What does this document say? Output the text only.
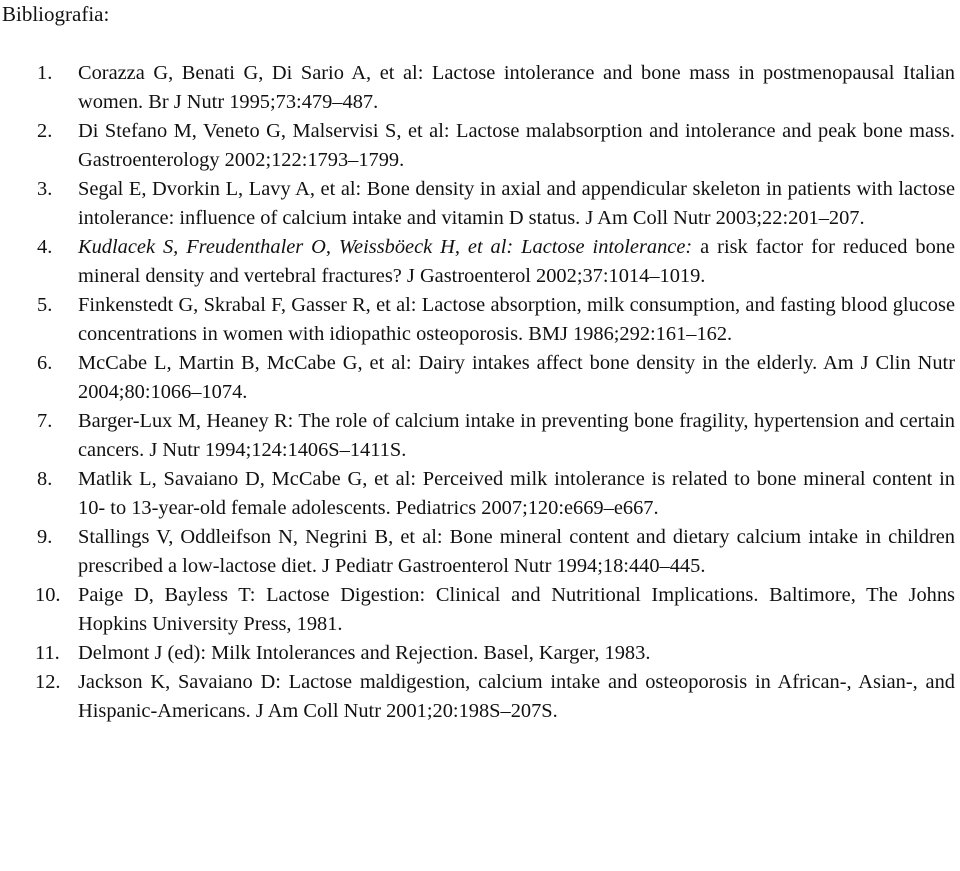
Bibliografia:
1. Corazza G, Benati G, Di Sario A, et al: Lactose intolerance and bone mass in postmenopausal Italian women. Br J Nutr 1995;73:479–487.
2. Di Stefano M, Veneto G, Malservisi S, et al: Lactose malabsorption and intolerance and peak bone mass. Gastroenterology 2002;122:1793–1799.
3. Segal E, Dvorkin L, Lavy A, et al: Bone density in axial and appendicular skeleton in patients with lactose intolerance: influence of calcium intake and vitamin D status. J Am Coll Nutr 2003;22:201–207.
4. Kudlacek S, Freudenthaler O, Weissböeck H, et al: Lactose intolerance: a risk factor for reduced bone mineral density and vertebral fractures? J Gastroenterol 2002;37:1014–1019.
5. Finkenstedt G, Skrabal F, Gasser R, et al: Lactose absorption, milk consumption, and fasting blood glucose concentrations in women with idiopathic osteoporosis. BMJ 1986;292:161–162.
6. McCabe L, Martin B, McCabe G, et al: Dairy intakes affect bone density in the elderly. Am J Clin Nutr 2004;80:1066–1074.
7. Barger-Lux M, Heaney R: The role of calcium intake in preventing bone fragility, hypertension and certain cancers. J Nutr 1994;124:1406S–1411S.
8. Matlik L, Savaiano D, McCabe G, et al: Perceived milk intolerance is related to bone mineral content in 10- to 13-year-old female adolescents. Pediatrics 2007;120:e669–e667.
9. Stallings V, Oddleifson N, Negrini B, et al: Bone mineral content and dietary calcium intake in children prescribed a low-lactose diet. J Pediatr Gastroenterol Nutr 1994;18:440–445.
10. Paige D, Bayless T: Lactose Digestion: Clinical and Nutritional Implications. Baltimore, The Johns Hopkins University Press, 1981.
11. Delmont J (ed): Milk Intolerances and Rejection. Basel, Karger, 1983.
12. Jackson K, Savaiano D: Lactose maldigestion, calcium intake and osteoporosis in African-, Asian-, and Hispanic-Americans. J Am Coll Nutr 2001;20:198S–207S.
